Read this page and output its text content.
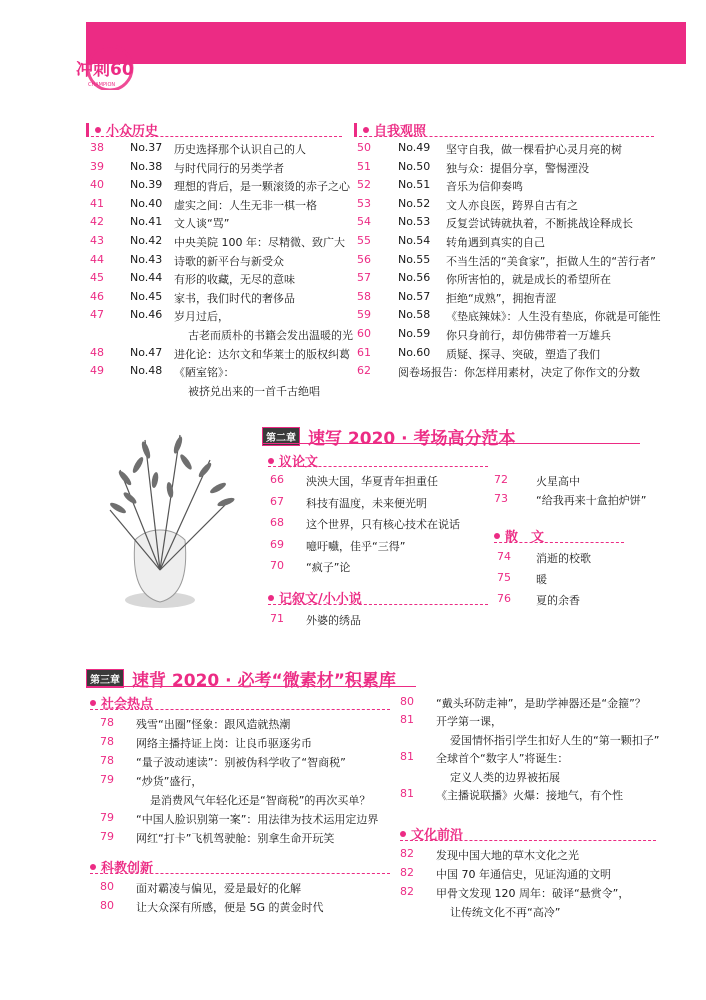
冲刺60
CHAMPION
小众历史	自我观照
第二章 速写 2020 · 考场高分范本
议论文
散　文
记叙文/小小说
第三章 速背 2020 · 必考“微素材”积累库
社会热点
科教创新
文化前沿
38 No.37 历史选择那个认识自己的人
39 No.38 与时代同行的另类学者
40 No.39 理想的背后，是一颗滚烫的赤子之心
41 No.40 虚实之间：人生无非一棋一格
42 No.41 文人谈“骂”
43 No.42 中央美院 100 年：尽精微、致广大
44 No.43 诗歌的新平台与新受众
45 No.44 有形的收藏，无尽的意味
46 No.45 家书，我们时代的奢侈品
47 No.46 岁月过后，
古老而质朴的书籍会发出温暖的光
48 No.47 进化论：达尔文和华莱士的版权纠葛
49 No.48 《陋室铭》：
被挤兑出来的一首千古绝唱
50 No.49 坚守自我，做一棵看护心灵月亮的树
51 No.50 独与众：提倡分享，警惕湮没
52 No.51 音乐为信仰奏鸣
53 No.52 文人亦良医，跨界自古有之
54 No.53 反复尝试铸就执着，不断挑战诠释成长
55 No.54 转角遇到真实的自己
56 No.55 不当生活的“美食家”，拒做人生的“苦行者”
57 No.56 你所害怕的，就是成长的希望所在
58 No.57 拒绝“成熟”，拥抱青涩
59 No.58 《垫底辣妹》：人生没有垫底，你就是可能性
60 No.59 你只身前行，却仿佛带着一万雄兵
61 No.60 质疑、探寻、突破，塑造了我们
62 阅卷场报告：你怎样用素材，决定了你作文的分数
66 泱泱大国，华夏青年担重任
67 科技有温度，未来便光明
68 这个世界，只有核心技术在说话
69 噫吁嚱，佳乎“三得”
70 “疯子”论
72	火星高中
73	“给我再来十盒拍炉饼”
74 消逝的校歌
75 暖
76 夏的余香
71 外婆的绣品
78 残雪“出圈”怪象：跟风造就热潮
78 网络主播持证上岗：让良币驱逐劣币
78 “量子波动速读”：别被伪科学收了“智商税”
79 “炒货”盛行，
是消费风气年轻化还是“智商税”的再次买单？
79 “中国人脸识别第一案”：用法律为技术运用定边界
79 网红“打卡”飞机驾驶舱：别拿生命开玩笑
80 面对霸凌与偏见，爱是最好的化解
80 让大众深有所感，便是 5G 的黄金时代
80 “戴头环防走神”，是助学神器还是“金箍”？
81 开学第一课，
爱国情怀指引学生扣好人生的“第一颗扣子”
81 全球首个“数字人”将诞生：
定义人类的边界被拓展
81 《主播说联播》火爆：接地气，有个性
82 发现中国大地的草木文化之光
82 中国 70 年通信史，见证沟通的文明
82 甲骨文发现 120 周年：破译“悬赏令”，
让传统文化不再“高冷”
